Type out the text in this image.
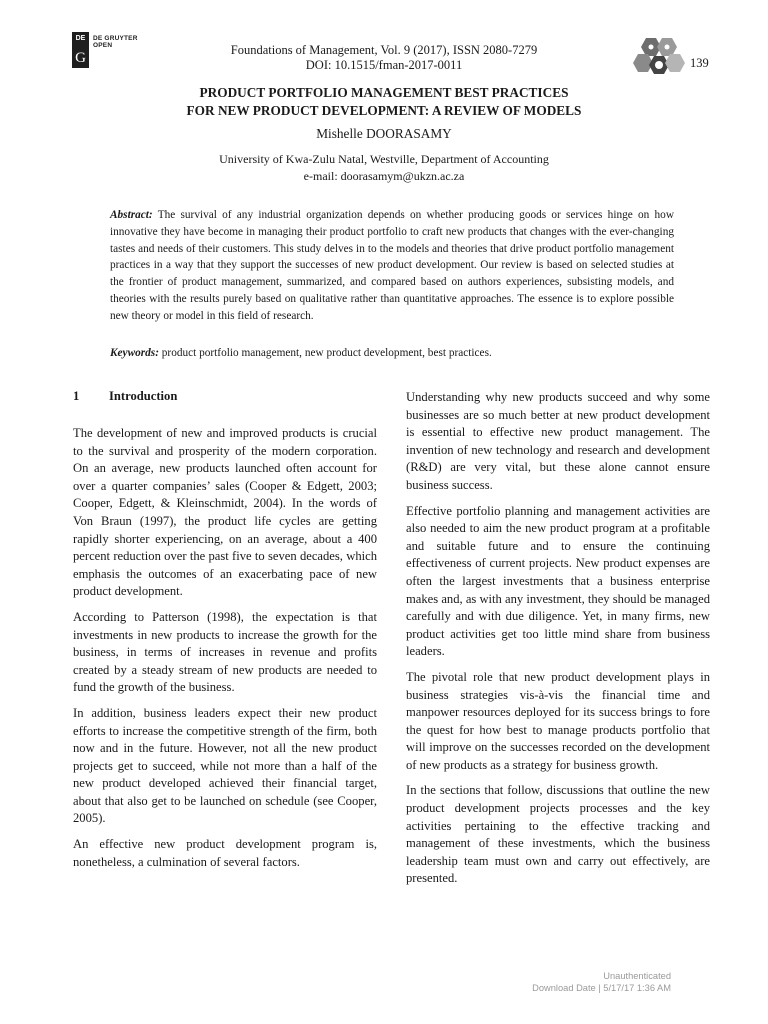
DE
G
DE GRUYTER
OPEN	Foundations of Management, Vol. 9 (2017), ISSN 2080-7279
DOI: 10.1515/fman-2017-0011	139
PRODUCT PORTFOLIO MANAGEMENT BEST PRACTICES
FOR NEW PRODUCT DEVELOPMENT: A REVIEW OF MODELS
Mishelle DOORASAMY
University of Kwa-Zulu Natal, Westville, Department of Accounting
e-mail: doorasamym@ukzn.ac.za
Abstract: The survival of any industrial organization depends on whether producing goods or services hinge on how innovative they have become in managing their product portfolio to craft new products that changes with the ever-changing tastes and needs of their customers. This study delves in to the models and theories that drive product portfolio management practices in a way that they support the successes of new product development. Our review is based on selected studies at the frontier of product management, summarized, and compared based on authors experiences, subsisting models, and theories with the results purely based on qualitative rather than quantitative approaches. The essence is to explore possible new theory or model in this field of research.
Keywords: product portfolio management, new product development, best practices.
1 Introduction

The development of new and improved products is crucial to the survival and prosperity of the modern corporation. On an average, new products launched often account for over a quarter companies’ sales (Cooper & Edgett, 2003; Cooper, Edgett, & Kleinschmidt, 2004). In the words of Von Braun (1997), the product life cycles are getting rapidly shorter experiencing, on an average, about a 400 percent reduction over the past five to seven decades, which emphasis the outcomes of an exacerbating pace of new product development.

According to Patterson (1998), the expectation is that investments in new products to increase the growth for the business, in terms of increases in revenue and profits created by a steady stream of new products are needed to fund the growth of the business.

In addition, business leaders expect their new product efforts to increase the competitive strength of the firm, both now and in the future. However, not all the new product projects get to succeed, while not more than a half of the new product developed achieved their financial target, about that also get to be launched on schedule (see Cooper, 2005).

An effective new product development program is, nonetheless, a culmination of several factors.

Understanding why new products succeed and why some businesses are so much better at new product development is essential to effective new product management. The invention of new technology and research and development (R&D) are very vital, but these alone cannot ensure business success.

Effective portfolio planning and management activities are also needed to aim the new product program at a profitable and suitable future and to ensure the continuing effectiveness of current projects. New product expenses are often the largest investments that a business enterprise makes and, as with any investment, they should be managed carefully and with due diligence. Yet, in many firms, new product activities get too little mind share from business leaders.

The pivotal role that new product development plays in business strategies vis-à-vis the financial time and manpower resources deployed for its success brings to fore the quest for how best to manage products portfolio that will improve on the successes recorded on the development of new products as a strategy for business growth.

In the sections that follow, discussions that outline the new product development projects processes and the key activities pertaining to the effective tracking and management of these investments, which the business leadership team must own and carry out effectively, are presented.

Unauthenticated
Download Date | 5/17/17 1:36 AM
